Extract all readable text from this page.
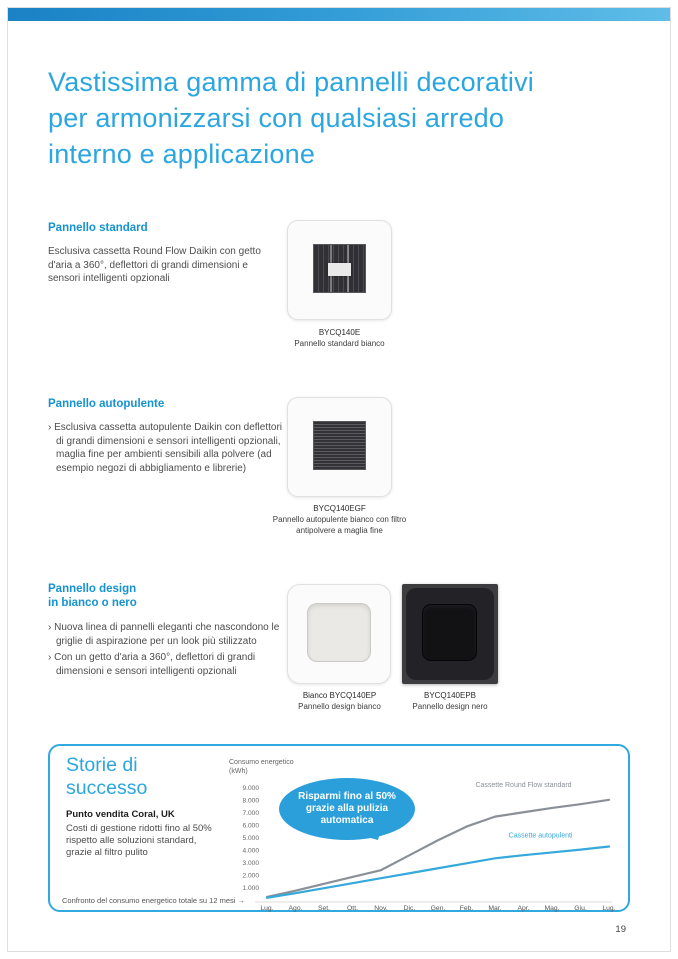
Vastissima gamma di pannelli decorativi
per armonizzarsi con qualsiasi arredo
interno e applicazione
Pannello standard

Esclusiva cassetta Round Flow Daikin con getto d'aria a 360°, deflettori di grandi dimensioni e sensori intelligenti opzionali

BYCQ140E
Pannello standard bianco
Pannello autopulente
› Esclusiva cassetta autopulente Daikin con deflettori di grandi dimensioni e sensori intelligenti opzionali, maglia fine per ambienti sensibili alla polvere (ad esempio negozi di abbigliamento e librerie)
BYCQ140EGF
Pannello autopulente bianco con filtro antipolvere a maglia fine
Pannello design
in bianco o nero
› Nuova linea di pannelli eleganti che nascondono le griglie di aspirazione per un look più stilizzato
› Con un getto d'aria a 360°, deflettori di grandi dimensioni e sensori intelligenti opzionali
Bianco BYCQ140EP
Pannello design bianco
BYCQ140EPB
Pannello design nero
Storie di
successo
Punto vendita Coral, UK
Costi di gestione ridotti fino al 50% rispetto alle soluzioni standard, grazie al filtro pulito
Consumo energetico
(kWh)
9.000
8.000
7.000
6.000
5.000
4.000
3.000
2.000
1.000
Lug. Ago. Set. Ott. Nov. Dic. Gen. Feb. Mar. Apr. Mag. Giu. Lug.
Cassette Round Flow standard
Cassette autopulenti
Risparmi fino al 50% grazie alla pulizia automatica
Confronto del consumo energetico totale su 12 mesi →
19
